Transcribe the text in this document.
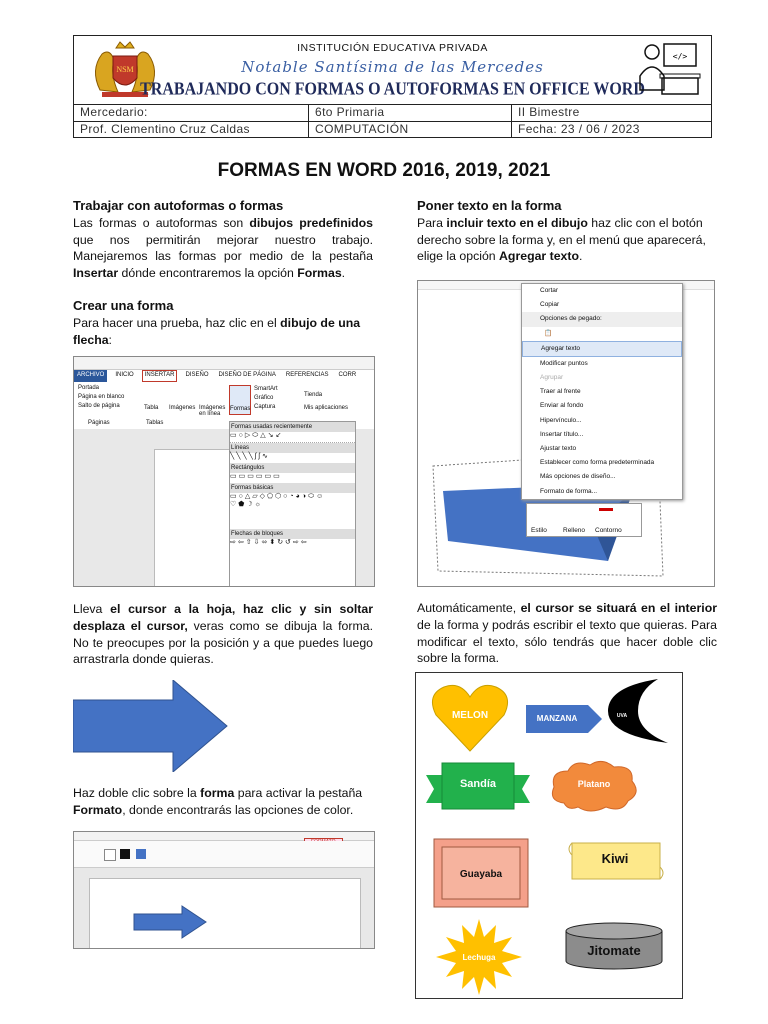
NSM
INSTITUCIÓN EDUCATIVA PRIVADA
Notable Santísima de las Mercedes
TRABAJANDO CON FORMAS O AUTOFORMAS EN OFFICE WORD
</>
Mercedario:	6to Primaria	II Bimestre
Prof. Clementino Cruz Caldas	COMPUTACIÓN	Fecha: 23 / 06 / 2023
FORMAS EN WORD 2016, 2019, 2021
Trabajar con autoformas o formas

Las formas o autoformas son dibujos predefinidos que nos permitirán mejorar nuestro trabajo. Manejaremos las formas por medio de la pestaña Insertar dónde encontraremos la opción Formas.

Crear una forma

Para hacer una prueba, haz clic en el dibujo de una flecha:

ARCHIVO	INICIO	INSERTAR	DISEÑO	DISEÑO DE PÁGINA	REFERENCIAS	CORR
Portada
Página en blanco
Salto de página	Tabla Imágenes Imágenes en línea
Formas
SmartArt
Gráfico
Captura
Tienda
Mis aplicaciones
Páginas	Tablas
Formas usadas recientemente
▭○▷⬭△↘↙
Líneas
╲╲╲╲ʃʃ∿
Rectángulos
▭▭▭▭▭▭
Formas básicas
▭○△▱◇⬠⬡○◔◕◑⬭☺♡⬟☽☼
Flechas de bloques
⇨⇦⇧⇩⬄⬍↻↺⇨⇦

Lleva el cursor a la hoja, haz clic y sin soltar desplaza el cursor, veras como se dibuja la forma. No te preocupes por la posición y a que puedes luego arrastrarla donde quieras.

Haz doble clic sobre la forma para activar la pestaña Formato, donde encontrarás las opciones de color.

Poner texto en la forma

Para incluir texto en el dibujo haz clic con el botón derecho sobre la forma y, en el menú que aparecerá, elige la opción Agregar texto.

Cortar
Copiar
Opciones de pegado:
📋
Agregar texto
Modificar puntos
Agrupar
Traer al frente
Enviar al fondo
Hipervínculo...
Insertar título...
Ajustar texto
Establecer como forma predeterminada
Más opciones de diseño...
Formato de forma...
Estilo Relleno Contorno

Automáticamente, el cursor se situará en el interior de la forma y podrás escribir el texto que quieras. Para modificar el texto, sólo tendrás que hacer doble clic sobre la forma.

MELON	MANZANA	UVA
Sandía	Platano
Guayaba
Kiwi
Lechuga	Jitomate
